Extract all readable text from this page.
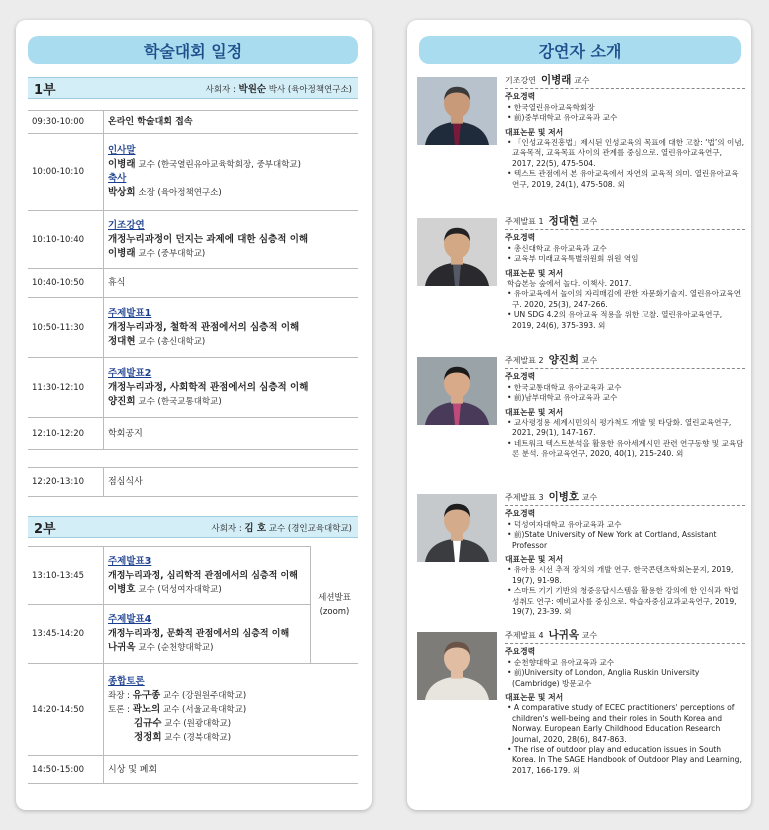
학술대회 일정
1부	사회자 : 박원순 박사 (육아정책연구소)
09:30-10:00	온라인 학술대회 접속
10:00-10:10
인사말
이병래 교수 (한국열린유아교육학회장, 중부대학교)
축사
박상희 소장 (육아정책연구소)
10:10-10:40
기조강연
개정누리과정이 던지는 과제에 대한 심층적 이해
이병래 교수 (중부대학교)
10:40-10:50	휴식
10:50-11:30
주제발표1
개정누리과정, 철학적 관점에서의 심층적 이해
정대현 교수 (총신대학교)
11:30-12:10
주제발표2
개정누리과정, 사회학적 관점에서의 심층적 이해
양진희 교수 (한국교통대학교)
12:10-12:20	학회공지
12:20-13:10	점심식사
2부	사회자 : 김 호 교수 (경인교육대학교)
13:10-13:45
주제발표3
개정누리과정, 심리학적 관점에서의 심층적 이해
이병호 교수 (덕성여자대학교)
13:45-14:20
주제발표4
개정누리과정, 문화적 관점에서의 심층적 이해
나귀옥 교수 (순천향대학교)
세션발표
(zoom)
14:20-14:50
종합토론
좌장 : 유구종 교수 (강원원주대학교)
토론 : 곽노의 교수 (서울교육대학교)
김규수 교수 (원광대학교)
정정희 교수 (경북대학교)
14:50-15:00	시상 및 폐회
강연자 소개
기조강연 이병래 교수
주요경력
• 한국열린유아교육학회장
• 前)중부대학교 유아교육과 교수
대표논문 및 저서
• 「인성교육진흥법」제시된 인성교육의 목표에 대한 고찰: ‘법’의 이념, 교육목적, 교육목표 사이의 관계를 중심으로. 열린유아교육연구, 2017, 22(5), 475-504.
• 텍스트 관점에서 본 유아교육에서 자연의 교육적 의미. 열린유아교육연구, 2019, 24(1), 475-508. 외
주제발표 1 정대현 교수
주요경력
• 총신대학교 유아교육과 교수
• 교육부 미래교육특별위원회 위원 역임
대표논문 및 저서
학습본능 숲에서 놀다. 이책사. 2017.
• 유아교육에서 놀이의 자리매김에 관한 자문화기술지. 열린유아교육연구. 2020, 25(3), 247-266.
• UN SDG 4.2의 유아교육 적용을 위한 고찰. 열린유아교육연구, 2019, 24(6), 375-393. 외
주제발표 2 양진희 교수
주요경력
• 한국교통대학교 유아교육과 교수
• 前)남부대학교 유아교육과 교수
대표논문 및 저서
• 교사평정용 세계시민의식 평가척도 개발 및 타당화. 열린교육연구, 2021, 29(1), 147-167.
• 네트워크 텍스트분석을 활용한 유아세계시민 관련 연구동향 및 교육담론 분석. 유아교육연구, 2020, 40(1), 215-240. 외
주제발표 3 이병호 교수
주요경력
• 덕성여자대학교 유아교육과 교수
• 前)State University of New York at Cortland, Assistant Professor
대표논문 및 저서
• 유아용 시선 추적 장치의 개발 연구. 한국콘텐츠학회논문지, 2019, 19(7), 91-98.
• 스마트 기기 기반의 청중응답시스템을 활용한 강의에 한 인식과 학업성취도 연구: 예비교사를 중심으로. 학습자중심교과교육연구, 2019, 19(7), 23-39. 외
주제발표 4 나귀옥 교수
주요경력
• 순천향대학교 유아교육과 교수
• 前)University of London, Anglia Ruskin University (Cambridge) 방문교수
대표논문 및 저서
• A comparative study of ECEC practitioners' perceptions of children's well-being and their roles in South Korea and Norway. European Early Childhood Education Research Journal, 2020, 28(6), 847-863.
• The rise of outdoor play and education issues in South Korea. In The SAGE Handbook of Outdoor Play and Learning, 2017, 166-179. 외
